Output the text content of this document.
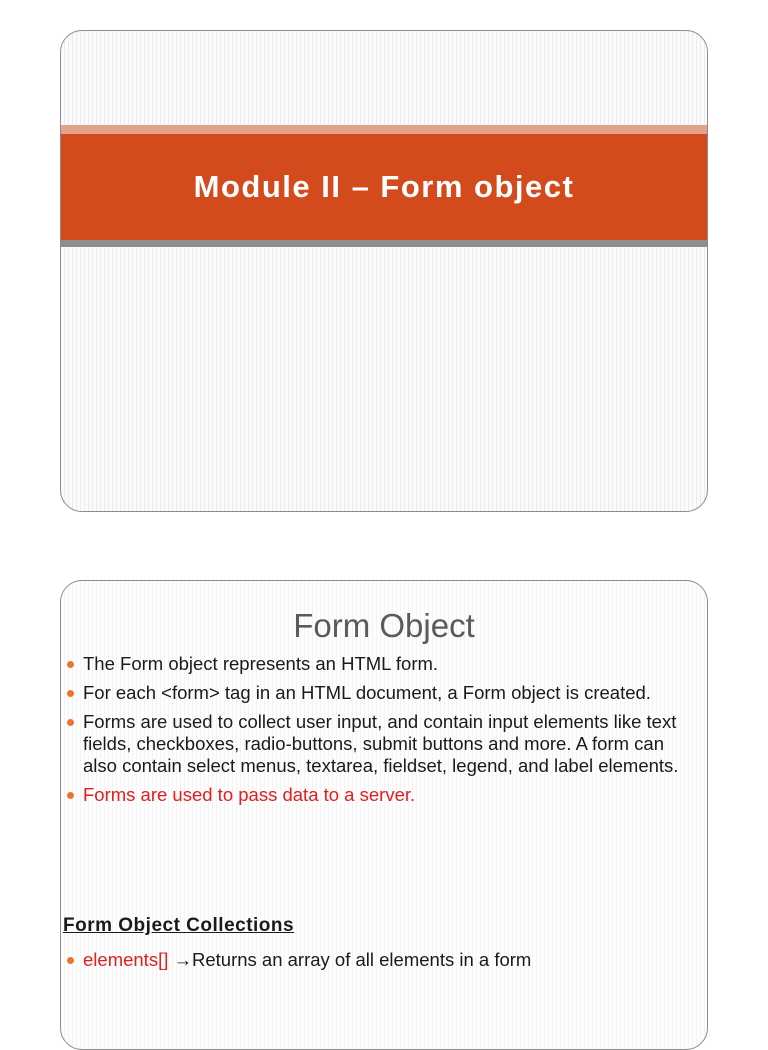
Module II – Form object
Form Object
The Form object represents an HTML form.
For each <form> tag in an HTML document, a Form object is created.
Forms are used to collect user input, and contain input elements like text fields, checkboxes, radio-buttons, submit buttons and more. A form can also contain select menus, textarea, fieldset, legend, and label elements.
Forms are used to pass data to a server.
Form Object Collections
elements[] →Returns an array of all elements in a form
